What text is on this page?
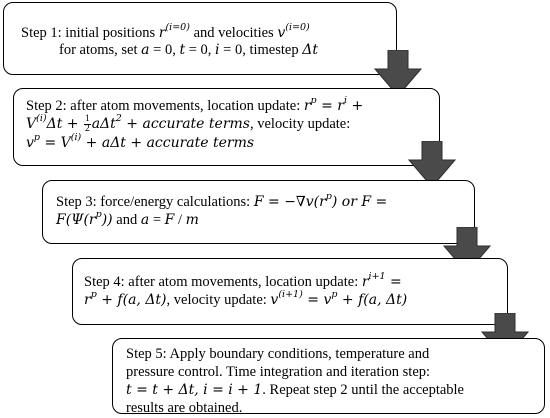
Step 1: initial positions $r^{(i=0)}$ and velocities $v^{(i=0)}$
for atoms, set a = 0, t = 0, i = 0, timestep Δt
Step 2: after atom movements, location update: $r^p = r^i$ +
$V^{(i)}\Delta t + \frac{1}{2} a\Delta t^2$ + accurate terms, velocity update:
$v^p = V^{(i)} + a\Delta t$ + accurate terms
Step 3: force/energy calculations: $F = -\nabla v(r^p)$ or F =
$F(\Psi(r^p))$ and a = F / m
Step 4: after atom movements, location update: $r^{i+1}$ =
$r^p + f(a$, Δt), velocity update: $v^{(i+1)} = v^p + f(a$, Δt)
Step 5: Apply boundary conditions, temperature and
pressure control. Time integration and iteration step:
t = t + Δt, i = i + 1. Repeat step 2 until the acceptable
results are obtained.
